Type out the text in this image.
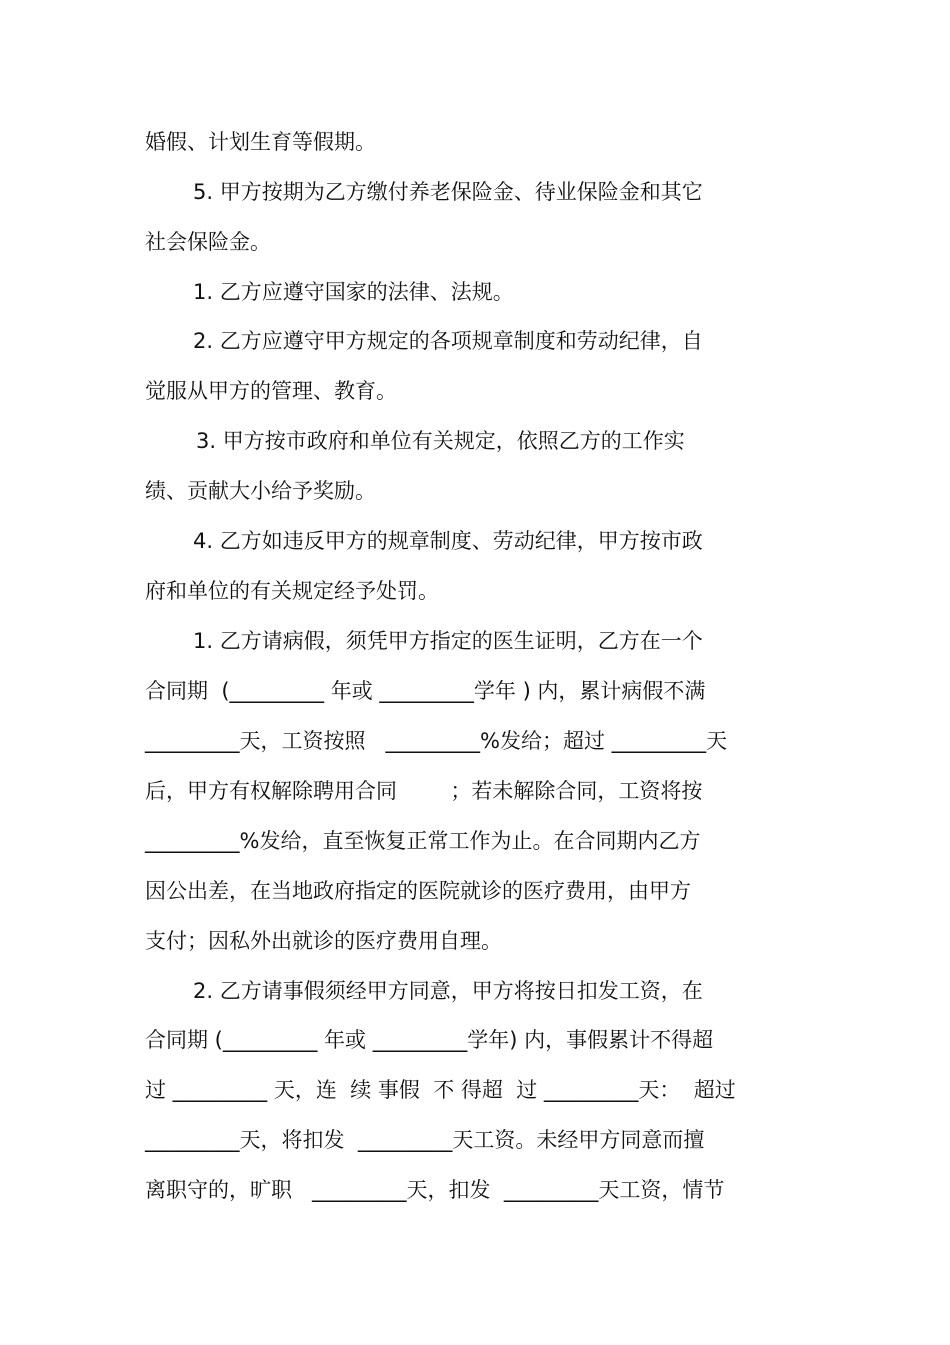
婚假、计划生育等假期。
5. 甲方按期为乙方缴付养老保险金、待业保险金和其它
社会保险金。
1. 乙方应遵守国家的法律、法规。
2. 乙方应遵守甲方规定的各项规章制度和劳动纪律，自
觉服从甲方的管理、教育。
3. 甲方按市政府和单位有关规定，依照乙方的工作实
绩、贡献大小给予奖励。
4. 乙方如违反甲方的规章制度、劳动纪律，甲方按市政
府和单位的有关规定经予处罚。
1. 乙方请病假，须凭甲方指定的医生证明，乙方在一个
合同期  (_________ 年或 _________学年 ) 内，累计病假不满
_________天，工资按照   _________%发给；超过 _________天
后，甲方有权解除聘用合同        ；若未解除合同，工资将按
_________%发给，直至恢复正常工作为止。在合同期内乙方
因公出差，在当地政府指定的医院就诊的医疗费用，由甲方
支付；因私外出就诊的医疗费用自理。
2. 乙方请事假须经甲方同意，甲方将按日扣发工资，在
合同期 (_________ 年或 _________学年) 内，事假累计不得超
过 _________ 天，连  续 事假  不 得超  过 _________天：  超过
_________天，将扣发  _________天工资。未经甲方同意而擅
离职守的，旷职   _________天，扣发  _________天工资，情节
